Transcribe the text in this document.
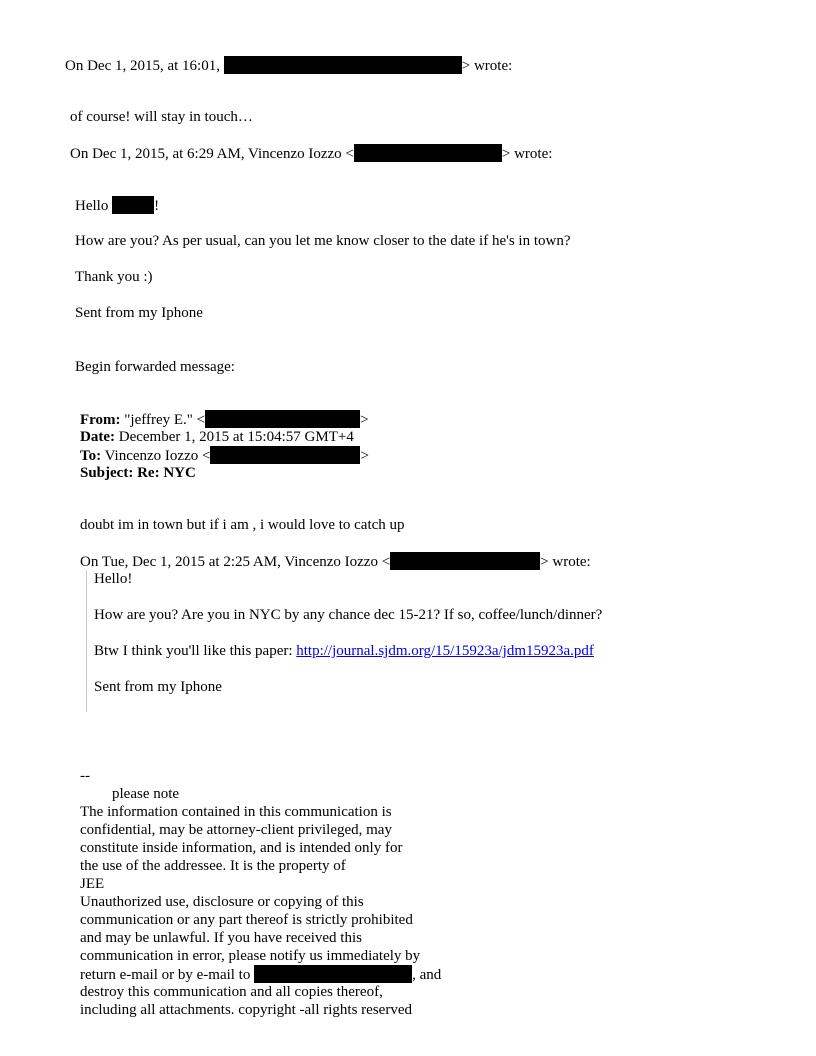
On Dec 1, 2015, at 16:01,	> wrote:
of course! will stay in touch…
On Dec 1, 2015, at 6:29 AM, Vincenzo Iozzo <	> wrote:
Hello	!
How are you? As per usual, can you let me know closer to the date if he's in town?
Thank you :)
Sent from my Iphone
Begin forwarded message:
From: "jeffrey E." <	>
Date: December 1, 2015 at 15:04:57 GMT+4
To: Vincenzo Iozzo <	>
Subject: Re: NYC
doubt im in town but if i am , i would love to catch up
On Tue, Dec 1, 2015 at 2:25 AM, Vincenzo Iozzo <	> wrote:
Hello!
How are you? Are you in NYC by any chance dec 15-21? If so, coffee/lunch/dinner?
Btw I think you'll like this paper: http://journal.sjdm.org/15/15923a/jdm15923a.pdf
Sent from my Iphone
--
please note
The information contained in this communication is
confidential, may be attorney-client privileged, may
constitute inside information, and is intended only for
the use of the addressee. It is the property of
JEE
Unauthorized use, disclosure or copying of this
communication or any part thereof is strictly prohibited
and may be unlawful. If you have received this
communication in error, please notify us immediately by
return e-mail or by e-mail to	, and
destroy this communication and all copies thereof,
including all attachments. copyright -all rights reserved
